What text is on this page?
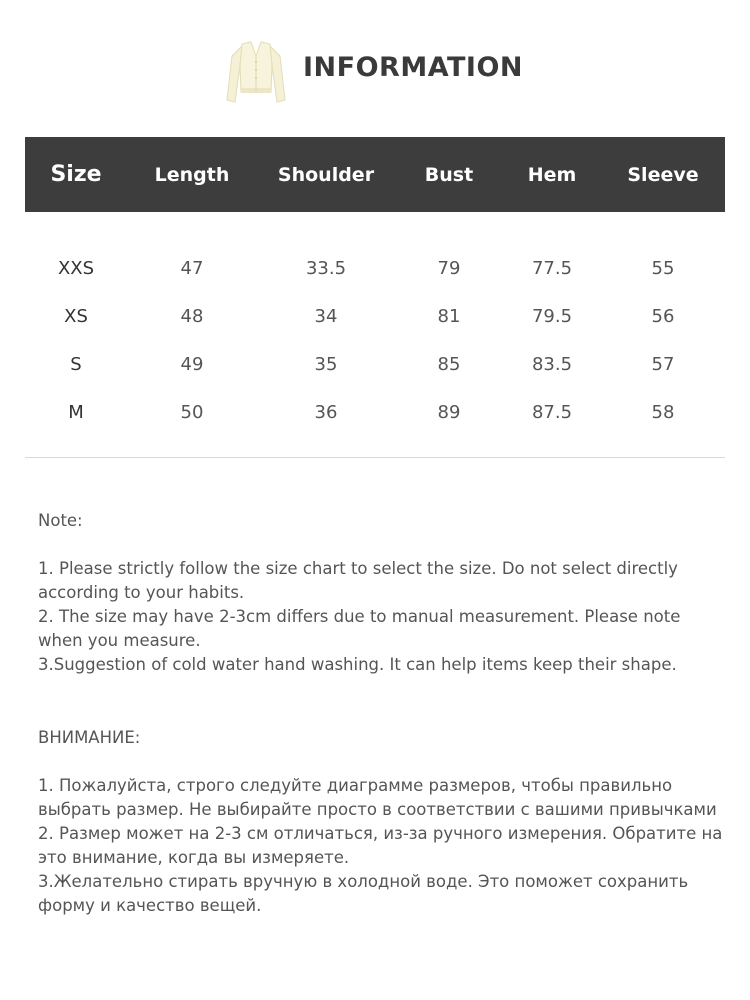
INFORMATION
Size	Length	Shoulder	Bust	Hem	Sleeve
XXS	47	33.5	79	77.5	55
XS	48	34	81	79.5	56
S	49	35	85	83.5	57
M	50	36	89	87.5	58

Note:

1. Please strictly follow the size chart to select the size. Do not select directly according to your habits.

2. The size may have 2-3cm differs due to manual measurement. Please note when you measure.

3.Suggestion of cold water hand washing. It can help items keep their shape.

ВНИМАНИЕ:

1. Пожалуйста, строго следуйте диаграмме размеров, чтобы правильно выбрать размер. Не выбирайте просто в соответствии с вашими привычками

2. Размер может на 2-3 см отличаться, из-за ручного измерения. Обратите на это внимание, когда вы измеряете.

3.Желательно стирать вручную в холодной воде. Это поможет сохранить форму и качество вещей.
